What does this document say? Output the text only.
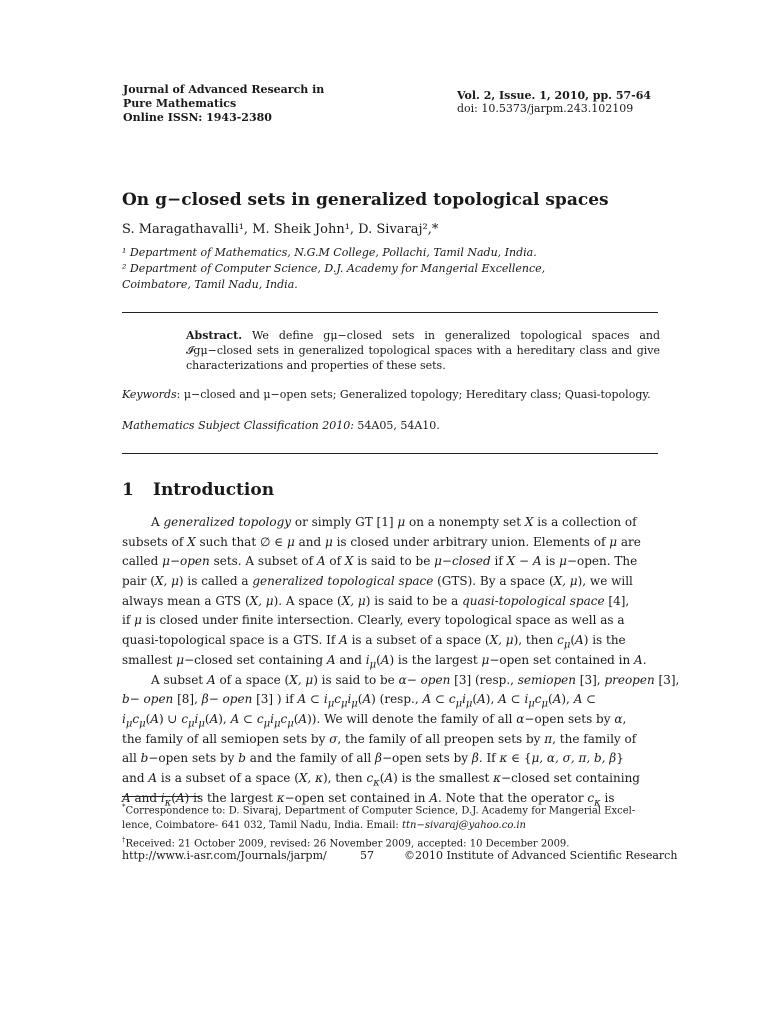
Journal of Advanced Research in
Pure Mathematics
Online ISSN: 1943-2380
Vol. 2, Issue. 1, 2010, pp. 57-64
doi: 10.5373/jarpm.243.102109
On g−closed sets in generalized topological spaces
S. Maragathavalli¹, M. Sheik John¹, D. Sivaraj²,*
¹ Department of Mathematics, N.G.M College, Pollachi, Tamil Nadu, India.
² Department of Computer Science, D.J. Academy for Mangerial Excellence,
Coimbatore, Tamil Nadu, India.
Abstract. We define gμ−closed sets in generalized topological spaces and 𝓘gμ−closed sets in generalized topological spaces with a hereditary class and give characterizations and properties of these sets.
Keywords: μ−closed and μ−open sets; Generalized topology; Hereditary class; Quasi-topology.
Mathematics Subject Classification 2010: 54A05, 54A10.
1 Introduction
A generalized topology or simply GT [1] μ on a nonempty set X is a collection of
subsets of X such that ∅ ∈ μ and μ is closed under arbitrary union. Elements of μ are
called μ−open sets. A subset of A of X is said to be μ−closed if X − A is μ−open. The
pair (X, μ) is called a generalized topological space (GTS). By a space (X, μ), we will
always mean a GTS (X, μ). A space (X, μ) is said to be a quasi-topological space [4],
if μ is closed under finite intersection. Clearly, every topological space as well as a
quasi-topological space is a GTS. If A is a subset of a space (X, μ), then $c_\mu(A)$ is the
smallest μ−closed set containing A and $i_\mu(A)$ is the largest μ−open set contained in A.
A subset A of a space (X, μ) is said to be α− open [3] (resp., semiopen [3], preopen [3],
b− open [8], β− open [3] ) if A ⊂ $i_\mu c_\mu i_\mu(A)$ (resp., A ⊂ $c_\mu i_\mu(A)$, A ⊂ $i_\mu c_\mu(A)$, A ⊂
$i_\mu c_\mu(A)$ ∪ $c_\mu i_\mu(A)$, A ⊂ $c_\mu i_\mu c_\mu(A)$). We will denote the family of all α−open sets by α,
the family of all semiopen sets by σ, the family of all preopen sets by π, the family of
all b−open sets by b and the family of all β−open sets by β. If κ ∈ {μ, α, σ, π, b, β}
and A is a subset of a space (X, κ), then $c_\kappa(A)$ is the smallest κ−closed set containing
A and $i_\kappa(A)$ is the largest κ−open set contained in A. Note that the operator $c_\kappa$ is
*Correspondence to: D. Sivaraj, Department of Computer Science, D.J. Academy for Mangerial Excel-
lence, Coimbatore- 641 032, Tamil Nadu, India. Email: ttn−sivaraj@yahoo.co.in
†Received: 21 October 2009, revised: 26 November 2009, accepted: 10 December 2009.
http://www.i-asr.com/Journals/jarpm/	57	©2010 Institute of Advanced Scientific Research
